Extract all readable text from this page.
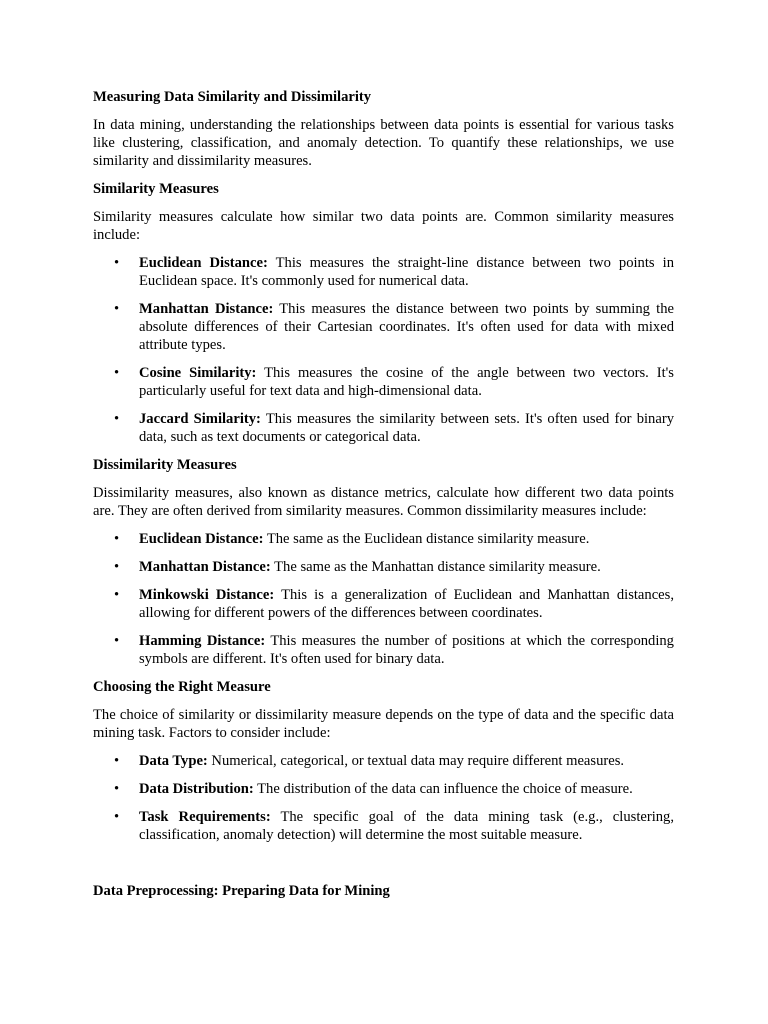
Measuring Data Similarity and Dissimilarity

In data mining, understanding the relationships between data points is essential for various tasks like clustering, classification, and anomaly detection. To quantify these relationships, we use similarity and dissimilarity measures.

Similarity Measures

Similarity measures calculate how similar two data points are. Common similarity measures include:

• Euclidean Distance: This measures the straight-line distance between two points in Euclidean space. It's commonly used for numerical data.
• Manhattan Distance: This measures the distance between two points by summing the absolute differences of their Cartesian coordinates. It's often used for data with mixed attribute types.
• Cosine Similarity: This measures the cosine of the angle between two vectors. It's particularly useful for text data and high-dimensional data.
• Jaccard Similarity: This measures the similarity between sets. It's often used for binary data, such as text documents or categorical data.

Dissimilarity Measures

Dissimilarity measures, also known as distance metrics, calculate how different two data points are. They are often derived from similarity measures. Common dissimilarity measures include:

• Euclidean Distance: The same as the Euclidean distance similarity measure.
• Manhattan Distance: The same as the Manhattan distance similarity measure.
• Minkowski Distance: This is a generalization of Euclidean and Manhattan distances, allowing for different powers of the differences between coordinates.
• Hamming Distance: This measures the number of positions at which the corresponding symbols are different. It's often used for binary data.

Choosing the Right Measure

The choice of similarity or dissimilarity measure depends on the type of data and the specific data mining task. Factors to consider include:

• Data Type: Numerical, categorical, or textual data may require different measures.
• Data Distribution: The distribution of the data can influence the choice of measure.
• Task Requirements: The specific goal of the data mining task (e.g., clustering, classification, anomaly detection) will determine the most suitable measure.

Data Preprocessing: Preparing Data for Mining
